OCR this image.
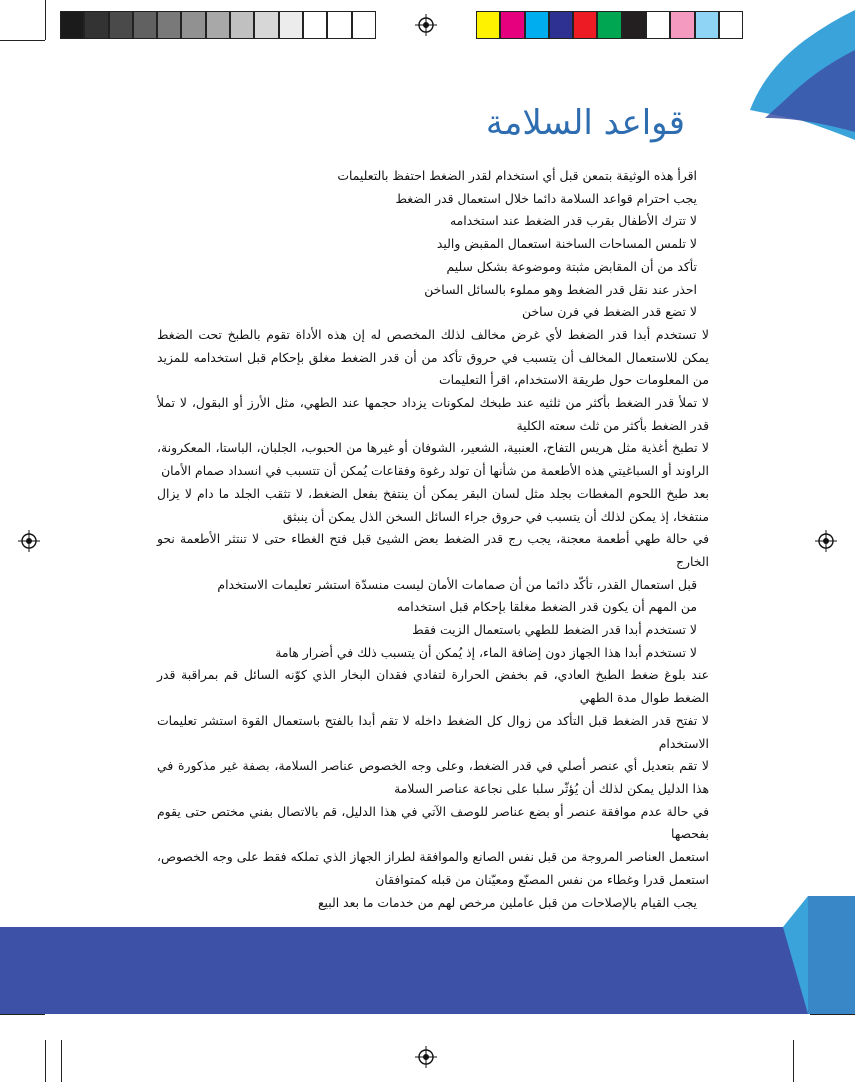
قواعد السلامة

اقرأ هذه الوثيقة بتمعن قبل أي استخدام لقدر الضغط احتفظ بالتعليمات

يجب احترام قواعد السلامة دائما خلال استعمال قدر الضغط

لا تترك الأطفال بقرب قدر الضغط عند استخدامه

لا تلمس المساحات الساخنة استعمال المقبض واليد

تأكد من أن المقابض مثبتة وموضوعة بشكل سليم

احذر عند نقل قدر الضغط وهو مملوء بالسائل الساخن

لا تضع قدر الضغط في فرن ساخن

لا تستخدم أبدا قدر الضغط لأي غرض مخالف لذلك المخصص له إن هذه الأداة تقوم بالطبخ تحت الضغط يمكن للاستعمال المخالف أن يتسبب في حروق تأكد من أن قدر الضغط مغلق بإحكام قبل استخدامه للمزيد من المعلومات حول طريقة الاستخدام، اقرأ التعليمات

لا تملأ قدر الضغط بأكثر من ثلثيه عند طبخك لمكونات يزداد حجمها عند الطهي، مثل الأرز أو البقول، لا تملأ قدر الضغط بأكثر من ثلث سعته الكلية

لا تطبخ أغذية مثل هريس التفاح، العنبية، الشعير، الشوفان أو غيرها من الحبوب، الجلبان، الباستا، المعكرونة، الراوند أو السباغيتي هذه الأطعمة من شأنها أن تولد رغوة وفقاعات يُمكن أن تتسبب في انسداد صمام الأمان

بعد طبخ اللحوم المغطات بجلد مثل لسان البقر يمكن أن ينتفخ بفعل الضغط، لا تثقب الجلد ما دام لا يزال منتفخا، إذ يمكن لذلك أن يتسبب في حروق جراء السائل السخن الذل يمكن أن ينبثق

في حالة طهي أطعمة معجنة، يجب رج قدر الضغط بعض الشيئ قبل فتح الغطاء حتى لا تنتثر الأطعمة نحو الخارج

قبل استعمال القدر، تأكّد دائما من أن صمامات الأمان ليست منسدّة استشر تعليمات الاستخدام

من المهم أن يكون قدر الضغط مغلقا بإحكام قبل استخدامه

لا تستخدم أبدا قدر الضغط للطهي باستعمال الزيت فقط

لا تستخدم أبدا هذا الجهاز دون إضافة الماء، إذ يُمكن أن يتسبب ذلك في أضرار هامة

عند بلوغ ضغط الطبخ العادي، قم بخفض الحرارة لتفادي فقدان البخار الذي كوّنه السائل قم بمراقبة قدر الضغط طوال مدة الطهي

لا تفتح قدر الضغط قبل التأكد من زوال كل الضغط داخله لا تقم أبدا بالفتح باستعمال القوة استشر تعليمات الاستخدام

لا تقم بتعديل أي عنصر أصلي في قدر الضغط، وعلى وجه الخصوص عناصر السلامة، بصفة غير مذكورة في هذا الدليل يمكن لذلك أن يُؤثّر سلبا على نجاعة عناصر السلامة

في حالة عدم موافقة عنصر أو بضع عناصر للوصف الآتي في هذا الدليل، قم بالاتصال بفني مختص حتى يقوم بفحصها

استعمل العناصر المروجة من قبل نفس الصانع والموافقة لطراز الجهاز الذي تملكه فقط على وجه الخصوص، استعمل قدرا وغطاء من نفس المصنّع ومعيّنان من قبله كمتوافقان

يجب القيام بالإصلاحات من قبل عاملين مرخص لهم من خدمات ما بعد البيع
